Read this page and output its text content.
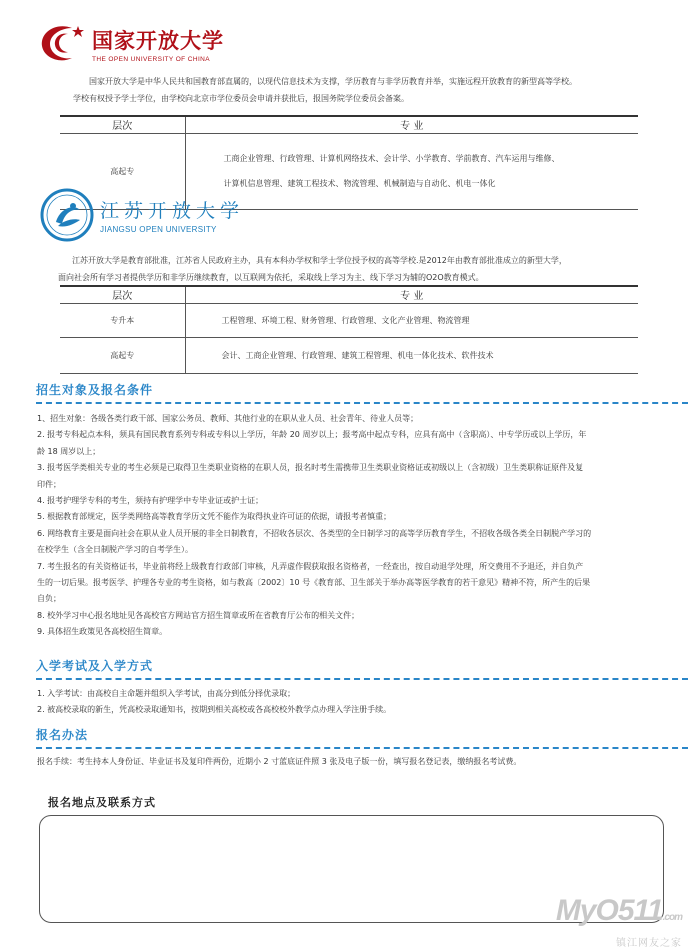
国家开放大学
THE OPEN UNIVERSITY OF CHINA

国家开放大学是中华人民共和国教育部直属的，以现代信息技术为支撑，学历教育与非学历教育并举，实施远程开放教育的新型高等学校。

学校有权授予学士学位，由学校向北京市学位委员会申请并获批后，报国务院学位委员会备案。

层次	专 业
高起专	工商企业管理、行政管理、计算机网络技术、会计学、小学教育、学前教育、汽车运用与维修、
计算机信息管理、建筑工程技术、物流管理、机械制造与自动化、机电一体化
江苏开放大学
JIANGSU OPEN UNIVERSITY

江苏开放大学是教育部批准，江苏省人民政府主办，具有本科办学权和学士学位授予权的高等学校.是2012年由教育部批准成立的新型大学，

面向社会所有学习者提供学历和非学历继续教育，以互联网为依托，采取线上学习为主、线下学习为辅的O2O教育模式。

层次	专 业
专升本	工程管理、环境工程、财务管理、行政管理、文化产业管理、物流管理
高起专	会计、工商企业管理、行政管理、建筑工程管理、机电一体化技术、软件技术
招生对象及报名条件
1、招生对象：各级各类行政干部、国家公务员、教师、其他行业的在职从业人员、社会青年、待业人员等；
2. 报考专科起点本科，须具有国民教育系列专科或专科以上学历，年龄 20 周岁以上；报考高中起点专科，应具有高中（含职高）、中专学历或以上学历，年
龄 18 周岁以上；
3. 报考医学类相关专业的考生必须是已取得卫生类职业资格的在职人员，报名时考生需携带卫生类职业资格证或初级以上（含初级）卫生类职称证原件及复
印件；
4. 报考护理学专科的考生，须持有护理学中专毕业证或护士证；
5. 根据教育部规定，医学类网络高等教育学历文凭不能作为取得执业许可证的依据，请报考者慎重；
6. 网络教育主要是面向社会在职从业人员开展的非全日制教育，不招收各层次、各类型的全日制学习的高等学历教育学生，不招收各级各类全日制脱产学习的
在校学生（含全日制脱产学习的自考学生）。
7. 考生报名的有关资格证书，毕业前将经上级教育行政部门审核，凡弄虚作假获取报名资格者，一经查出，按自动退学处理，所交费用不予退还，并自负产
生的一切后果。报考医学、护理各专业的考生资格，如与教高〔2002〕10 号《教育部、卫生部关于举办高等医学教育的若干意见》精神不符，所产生的后果
自负；
8. 校外学习中心报名地址见各高校官方网站官方招生简章或所在省教育厅公布的相关文件；
9. 具体招生政策见各高校招生简章。
入学考试及入学方式
1. 入学考试：由高校自主命题并组织入学考试，由高分到低分择优录取；
2. 被高校录取的新生，凭高校录取通知书，按期到相关高校或各高校校外教学点办理入学注册手续。
报名办法
报名手续：考生持本人身份证、毕业证书及复印件两份，近期小 2 寸蓝底证件照 3 张及电子版一份，填写报名登记表，缴纳报名考试费。
报名地点及联系方式
MyO511.com
镇江网友之家
